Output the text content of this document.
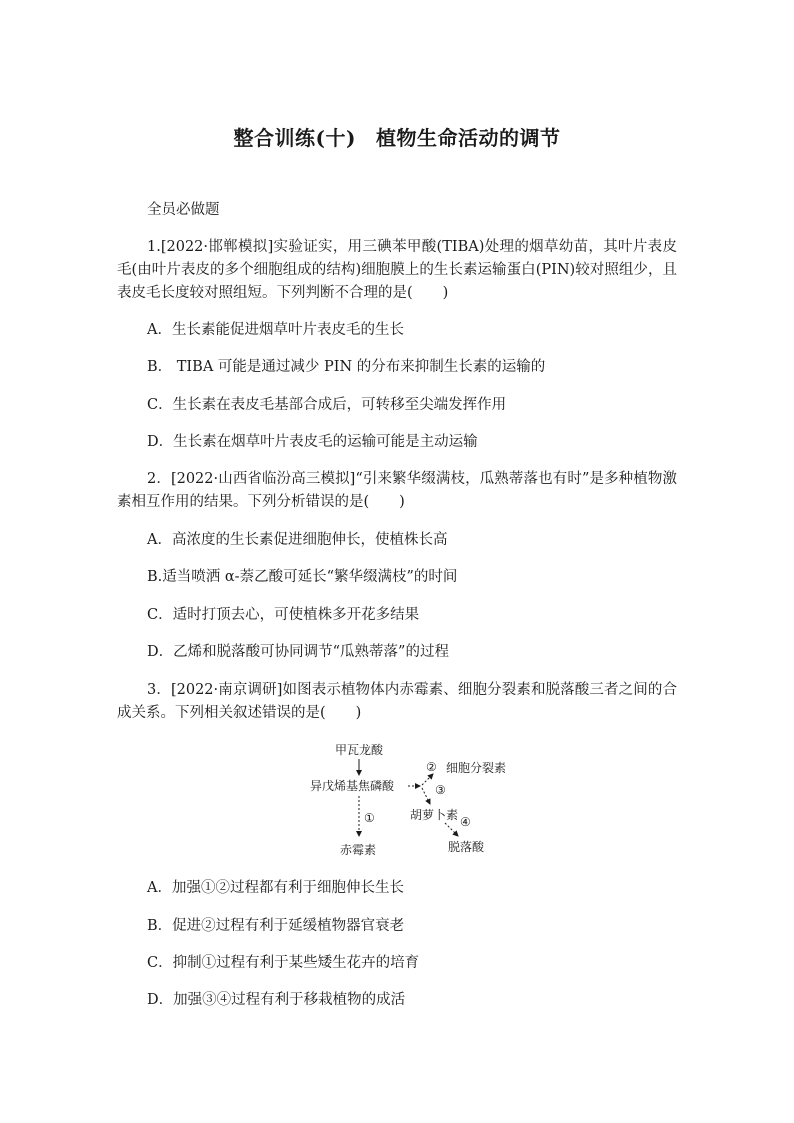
整合训练(十) 植物生命活动的调节
全员必做题
1.[2022·邯郸模拟]实验证实，用三碘苯甲酸(TIBA)处理的烟草幼苗，其叶片表皮毛(由叶片表皮的多个细胞组成的结构)细胞膜上的生长素运输蛋白(PIN)较对照组少，且表皮毛长度较对照组短。下列判断不合理的是( )
A．生长素能促进烟草叶片表皮毛的生长
B． TIBA 可能是通过减少 PIN 的分布来抑制生长素的运输的
C．生长素在表皮毛基部合成后，可转移至尖端发挥作用
D．生长素在烟草叶片表皮毛的运输可能是主动运输
2．[2022·山西省临汾高三模拟]“引来繁华缀满枝，瓜熟蒂落也有时”是多种植物激素相互作用的结果。下列分析错误的是( )
A．高浓度的生长素促进细胞伸长，使植株长高
B.适当喷洒 α-萘乙酸可延长“繁华缀满枝”的时间
C．适时打顶去心，可使植株多开花多结果
D．乙烯和脱落酸可协同调节“瓜熟蒂落”的过程
3．[2022·南京调研]如图表示植物体内赤霉素、细胞分裂素和脱落酸三者之间的合成关系。下列相关叙述错误的是( )
甲瓦龙酸
异戊烯基焦磷酸
② 细胞分裂素
③
胡萝卜素 ④
脱落酸
①
赤霉素
A．加强①②过程都有利于细胞伸长生长
B．促进②过程有利于延缓植物器官衰老
C．抑制①过程有利于某些矮生花卉的培育
D．加强③④过程有利于移栽植物的成活
